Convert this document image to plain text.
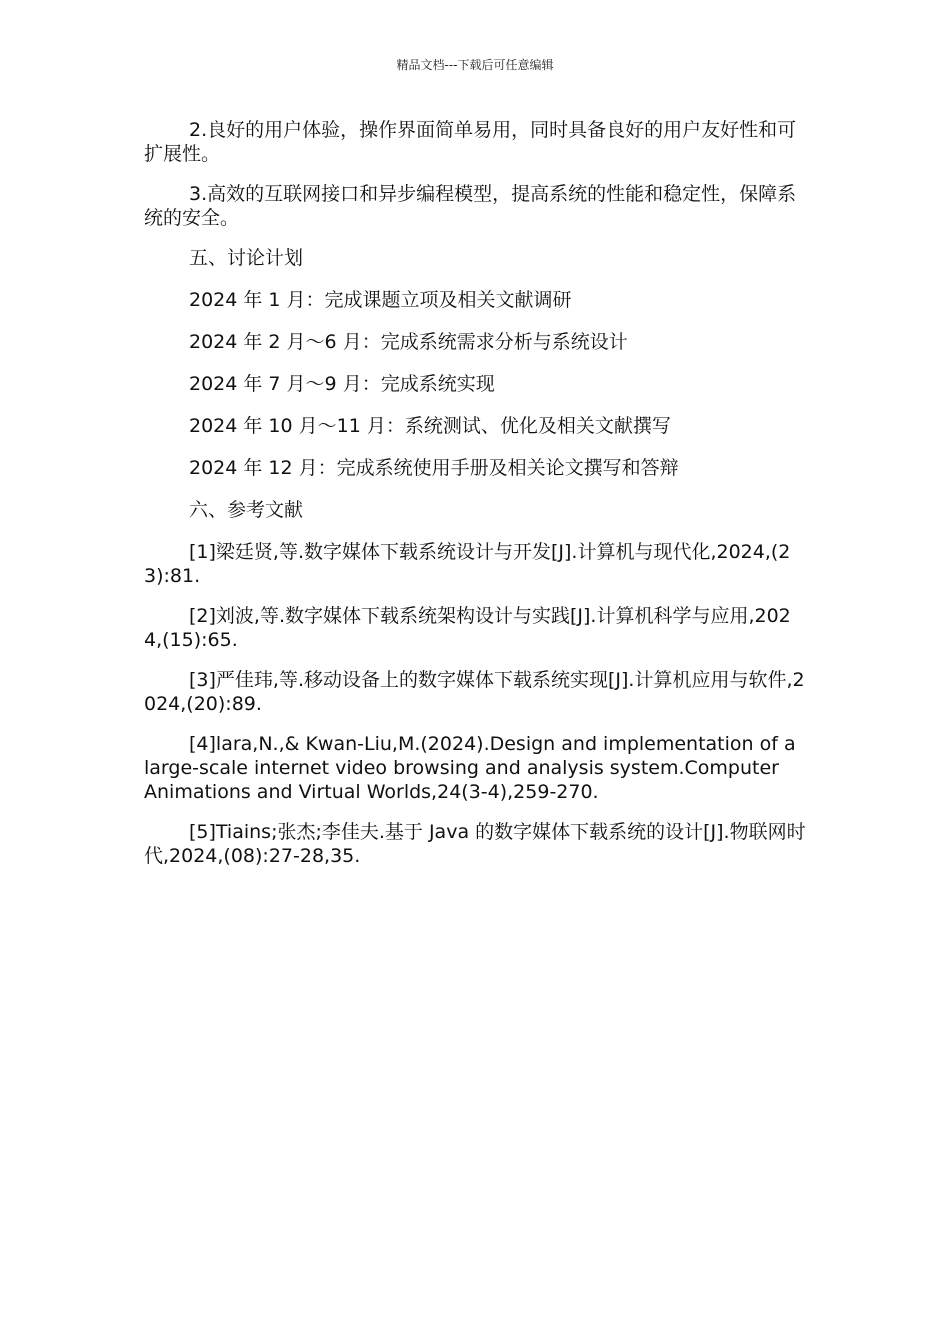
精品文档---下载后可任意编辑

2.良好的用户体验，操作界面简单易用，同时具备良好的用户友好性和可扩展性。

3.高效的互联网接口和异步编程模型，提高系统的性能和稳定性，保障系统的安全。

五、讨论计划

2024 年 1 月：完成课题立项及相关文献调研

2024 年 2 月～6 月：完成系统需求分析与系统设计

2024 年 7 月～9 月：完成系统实现

2024 年 10 月～11 月：系统测试、优化及相关文献撰写

2024 年 12 月：完成系统使用手册及相关论文撰写和答辩

六、参考文献

[1]梁廷贤,等.数字媒体下载系统设计与开发[J].计算机与现代化,2024,(23):81.

[2]刘波,等.数字媒体下载系统架构设计与实践[J].计算机科学与应用,2024,(15):65.

[3]严佳玮,等.移动设备上的数字媒体下载系统实现[J].计算机应用与软件,2024,(20):89.

[4]lara,N.,& Kwan-Liu,M.(2024).Design and implementation of a large-scale internet video browsing and analysis system.Computer Animations and Virtual Worlds,24(3-4),259-270.

[5]Tiains;张杰;李佳夫.基于 Java 的数字媒体下载系统的设计[J].物联网时代,2024,(08):27-28,35.
